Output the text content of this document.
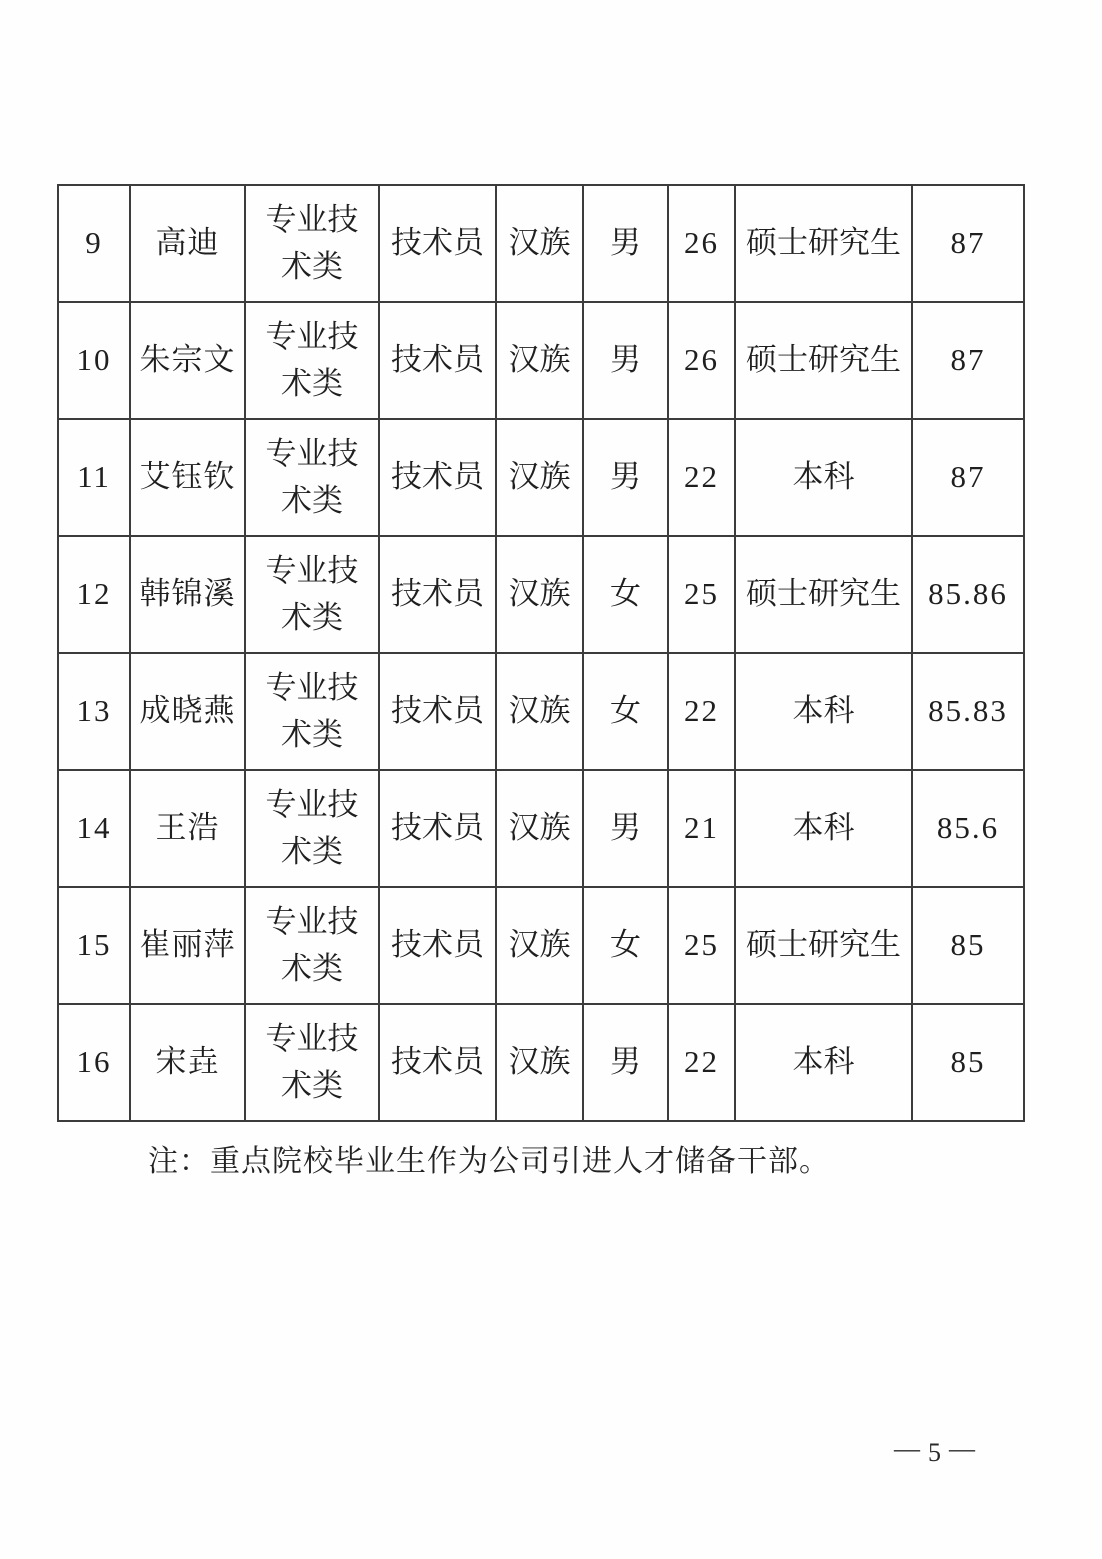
9	高迪	专业技术类	技术员	汉族	男	26	硕士研究生	87
10	朱宗文	专业技术类	技术员	汉族	男	26	硕士研究生	87
11	艾钰钦	专业技术类	技术员	汉族	男	22	本科	87
12	韩锦溪	专业技术类	技术员	汉族	女	25	硕士研究生	85.86
13	成晓燕	专业技术类	技术员	汉族	女	22	本科	85.83
14	王浩	专业技术类	技术员	汉族	男	21	本科	85.6
15	崔丽萍	专业技术类	技术员	汉族	女	25	硕士研究生	85
16	宋垚	专业技术类	技术员	汉族	男	22	本科	85
注：重点院校毕业生作为公司引进人才储备干部。
— 5 —
